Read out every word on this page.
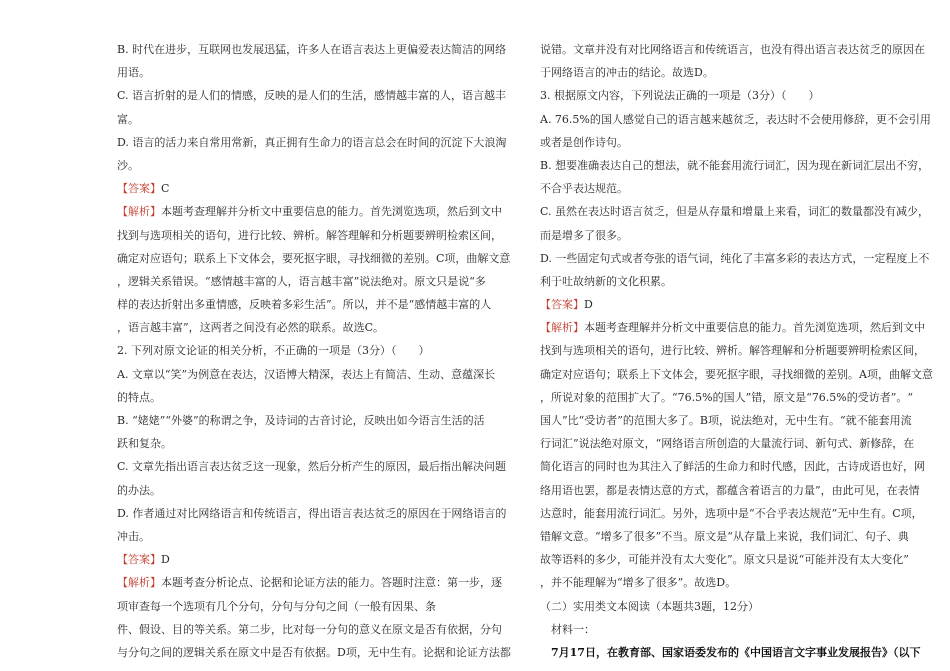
B. 时代在进步，互联网也发展迅猛，许多人在语言表达上更偏爱表达简洁的网络
用语。
C. 语言折射的是人们的情感，反映的是人们的生活，感情越丰富的人，语言越丰
富。
D. 语言的活力来自常用常新，真正拥有生命力的语言总会在时间的沉淀下大浪淘
沙。
【答案】C
【解析】本题考查理解并分析文中重要信息的能力。首先浏览选项，然后到文中
找到与选项相关的语句，进行比较、辨析。解答理解和分析题要辨明检索区间，
确定对应语句；联系上下文体会，要死抠字眼，寻找细微的差别。C项，曲解文意
，逻辑关系错误。“感情越丰富的人，语言越丰富”说法绝对。原文只是说“多
样的表达折射出多重情感，反映着多彩生活”。所以，并不是“感情越丰富的人
，语言越丰富”，这两者之间没有必然的联系。故选C。
2. 下列对原文论证的相关分析，不正确的一项是（3分）（　　）
A. 文章以“笑”为例意在表达，汉语博大精深，表达上有简洁、生动、意蕴深长
的特点。
B. “姥姥”“外婆”的称谓之争，及诗词的古音讨论，反映出如今语言生活的活
跃和复杂。
C. 文章先指出语言表达贫乏这一现象，然后分析产生的原因，最后指出解决问题
的办法。
D. 作者通过对比网络语言和传统语言，得出语言表达贫乏的原因在于网络语言的
冲击。
【答案】D
【解析】本题考查分析论点、论据和论证方法的能力。答题时注意：第一步，逐
项审查每一个选项有几个分句，分句与分句之间（一般有因果、条
件、假设、目的等关系。第二步，比对每一分句的意义在原文是否有依据，分句
与分句之间的逻辑关系在原文中是否有依据。D项，无中生有。论据和论证方法都
说错。文章并没有对比网络语言和传统语言，也没有得出语言表达贫乏的原因在
于网络语言的冲击的结论。故选D。
3. 根据原文内容，下列说法正确的一项是（3分）（　　）
A. 76.5%的国人感觉自己的语言越来越贫乏，表达时不会使用修辞，更不会引用
或者是创作诗句。
B. 想要准确表达自己的想法，就不能套用流行词汇，因为现在新词汇层出不穷，
不合乎表达规范。
C. 虽然在表达时语言贫乏，但是从存量和增量上来看，词汇的数量都没有减少，
而是增多了很多。
D. 一些固定句式或者夸张的语气词，纯化了丰富多彩的表达方式，一定程度上不
利于吐故纳新的文化积累。
【答案】D
【解析】本题考查理解并分析文中重要信息的能力。首先浏览选项，然后到文中
找到与选项相关的语句，进行比较、辨析。解答理解和分析题要辨明检索区间，
确定对应语句；联系上下文体会，要死抠字眼，寻找细微的差别。A项，曲解文意
，所说对象的范围扩大了。“76.5%的国人”错，原文是“76.5%的受访者”。“
国人”比“受访者”的范围大多了。B项，说法绝对，无中生有。“就不能套用流
行词汇”说法绝对原文，“网络语言所创造的大量流行词、新句式、新修辞，在
简化语言的同时也为其注入了鲜活的生命力和时代感，因此，古诗成语也好，网
络用语也罢，都是表情达意的方式，都蕴含着语言的力量”，由此可见，在表情
达意时，能套用流行词汇。另外，选项中是“不合乎表达规范”无中生有。C项，
错解文意。“增多了很多”不当。原文是“从存量上来说，我们词汇、句子、典
故等语料的多少，可能并没有太大变化”。原文只是说“可能并没有太大变化”
，并不能理解为“增多了很多”。故选D。
（二）实用类文本阅读（本题共3题，12分）
材料一：
7月17日，在教育部、国家语委发布的《中国语言文字事业发展报告》（以下
